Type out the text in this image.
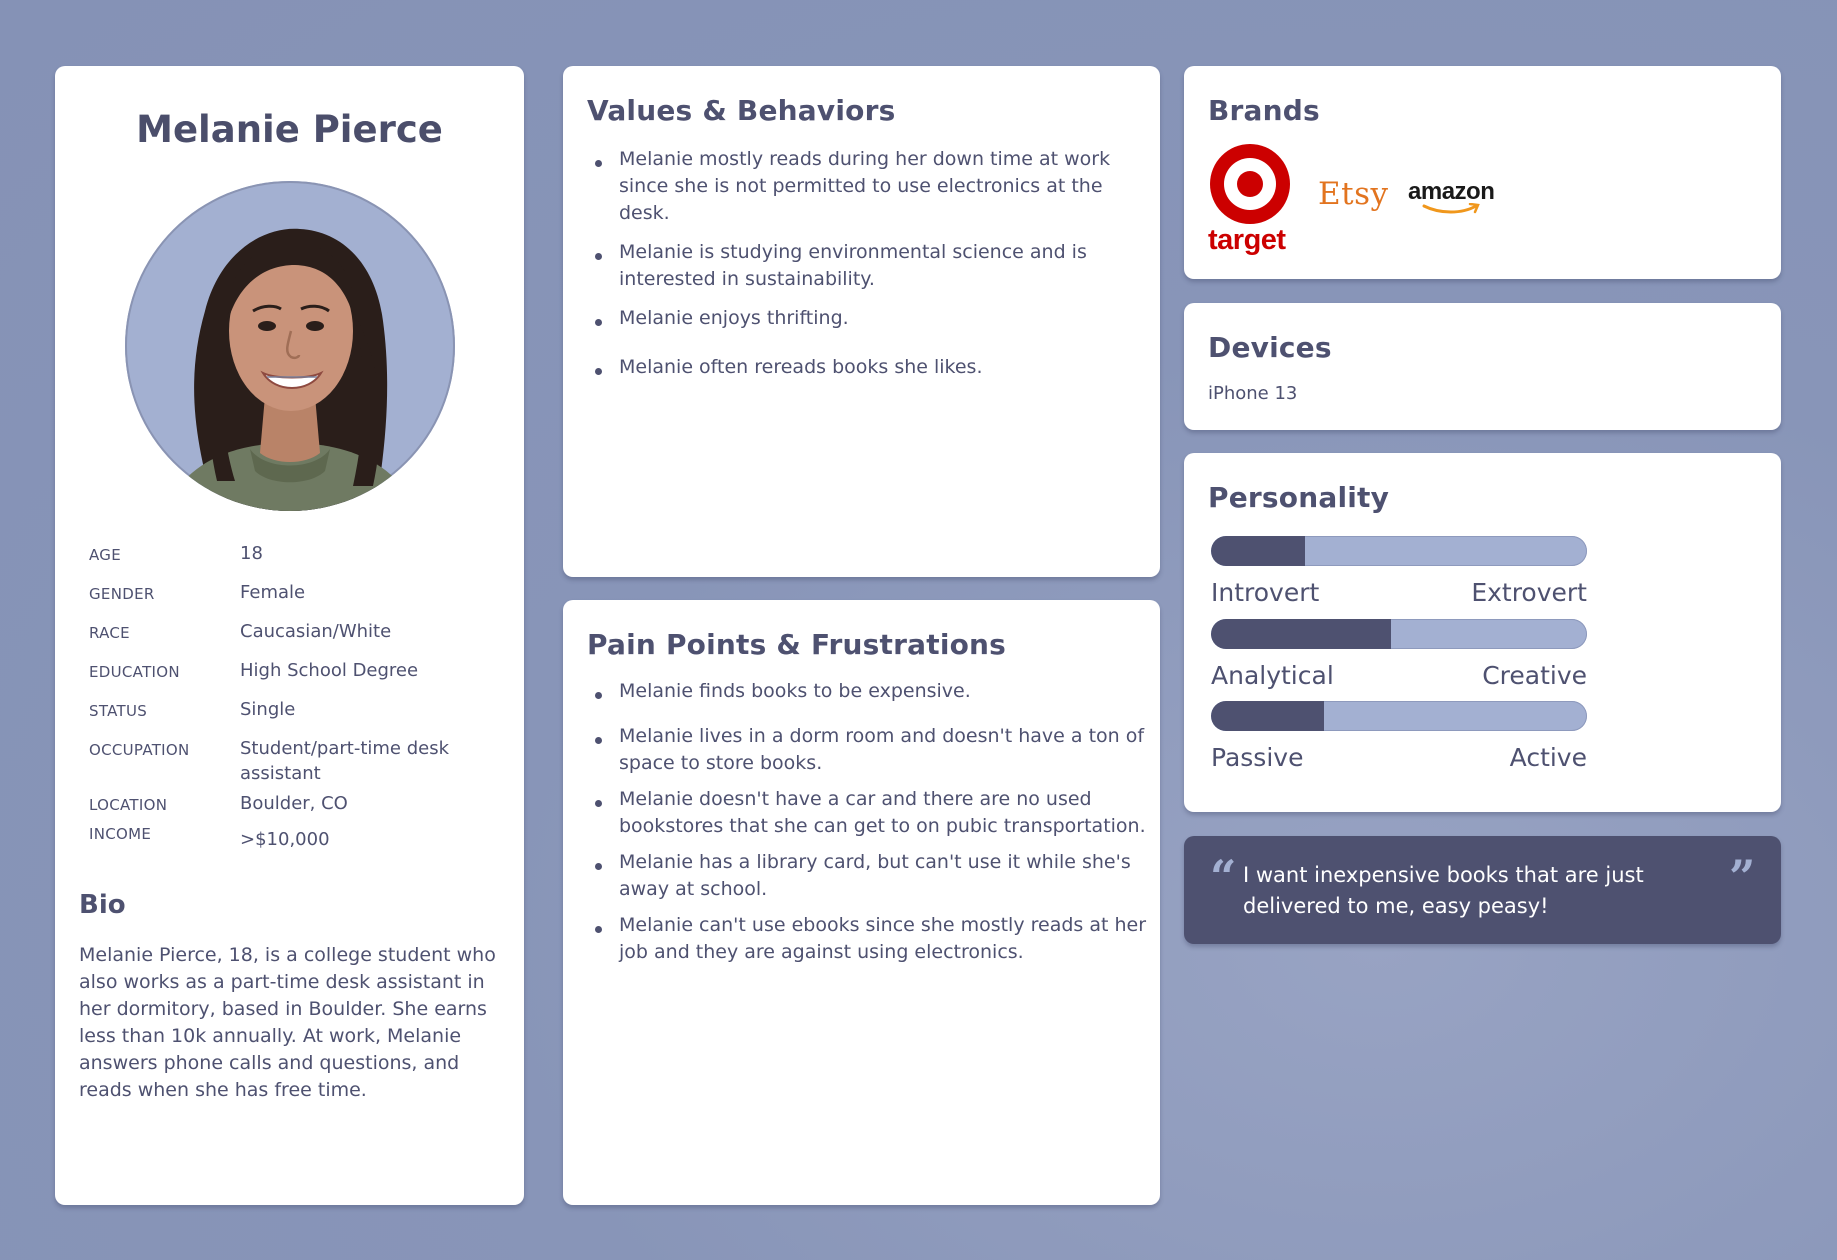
Melanie Pierce
AGE	18
GENDER	Female
RACE	Caucasian/White
EDUCATION	High School Degree
STATUS	Single
OCCUPATION	Student/part-time desk assistant
LOCATION	Boulder, CO
INCOME	>$10,000
Bio

Melanie Pierce, 18, is a college student who also works as a part-time desk assistant in her dormitory, based in Boulder. She earns less than 10k annually. At work, Melanie answers phone calls and questions, and reads when she has free time.

Values & Behaviors
Melanie mostly reads during her down time at work since she is not permitted to use electronics at the desk.
Melanie is studying environmental science and is interested in sustainability.
Melanie enjoys thrifting.
Melanie often rereads books she likes.
Pain Points & Frustrations
Melanie finds books to be expensive.
Melanie lives in a dorm room and doesn't have a ton of space to store books.
Melanie doesn't have a car and there are no used bookstores that she can get to on pubic transportation.
Melanie has a library card, but can't use it while she's away at school.
Melanie can't use ebooks since she mostly reads at her job and they are against using electronics.
Brands
target
Etsy amazon
Devices
iPhone 13
Personality
Introvert	Extrovert
Analytical	Creative
Passive	Active
“ I want inexpensive books that are just delivered to me, easy peasy!

”
